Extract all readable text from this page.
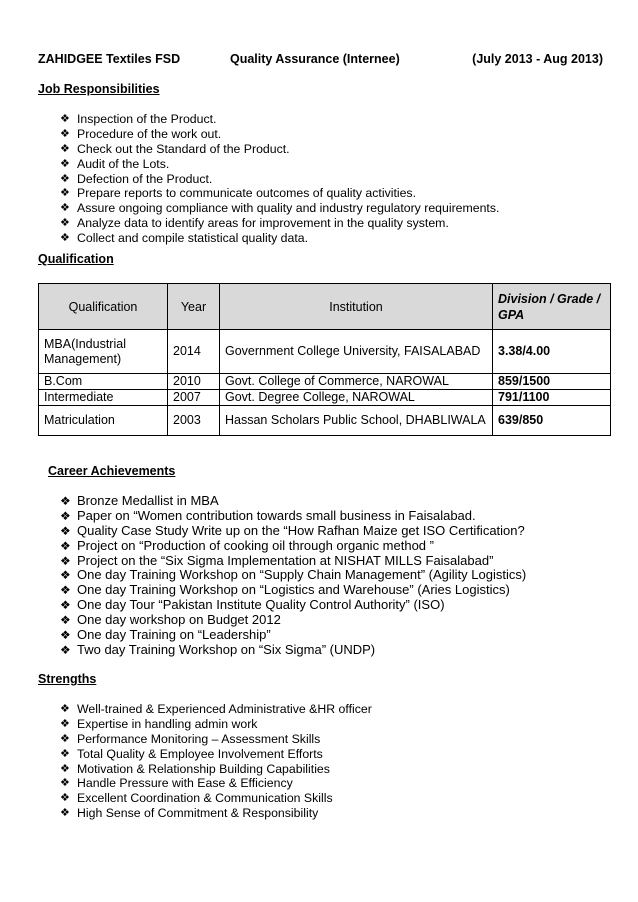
ZAHIDGEE Textiles FSD	Quality Assurance (Internee)	(July 2013 - Aug 2013)
Job Responsibilities
❖ Inspection of the Product.
❖ Procedure of the work out.
❖ Check out the Standard of the Product.
❖ Audit of the Lots.
❖ Defection of the Product.
❖ Prepare reports to communicate outcomes of quality activities.
❖ Assure ongoing compliance with quality and industry regulatory requirements.
❖ Analyze data to identify areas for improvement in the quality system.
❖ Collect and compile statistical quality data.
Qualification
Qualification	Year	Institution	Division / Grade / GPA
MBA(Industrial Management)	2014	Government College University, FAISALABAD	3.38/4.00
B.Com	2010	Govt. College of Commerce, NAROWAL	859/1500
Intermediate	2007	Govt. Degree College, NAROWAL	791/1100
Matriculation	2003	Hassan Scholars Public School, DHABLIWALA	639/850
Career Achievements
❖ Bronze Medallist in MBA
❖ Paper on “Women contribution towards small business in Faisalabad.
❖ Quality Case Study Write up on the “How Rafhan Maize get ISO Certification?
❖ Project on “Production of cooking oil through organic method ”
❖ Project on the “Six Sigma Implementation at NISHAT MILLS Faisalabad”
❖ One day Training Workshop on “Supply Chain Management” (Agility Logistics)
❖ One day Training Workshop on “Logistics and Warehouse” (Aries Logistics)
❖ One day Tour “Pakistan Institute Quality Control Authority” (ISO)
❖ One day workshop on Budget 2012
❖ One day Training on “Leadership”
❖ Two day Training Workshop on “Six Sigma” (UNDP)
Strengths
❖ Well-trained & Experienced Administrative &HR officer
❖ Expertise in handling admin work
❖ Performance Monitoring – Assessment Skills
❖ Total Quality & Employee Involvement Efforts
❖ Motivation & Relationship Building Capabilities
❖ Handle Pressure with Ease & Efficiency
❖ Excellent Coordination & Communication Skills
❖ High Sense of Commitment & Responsibility
